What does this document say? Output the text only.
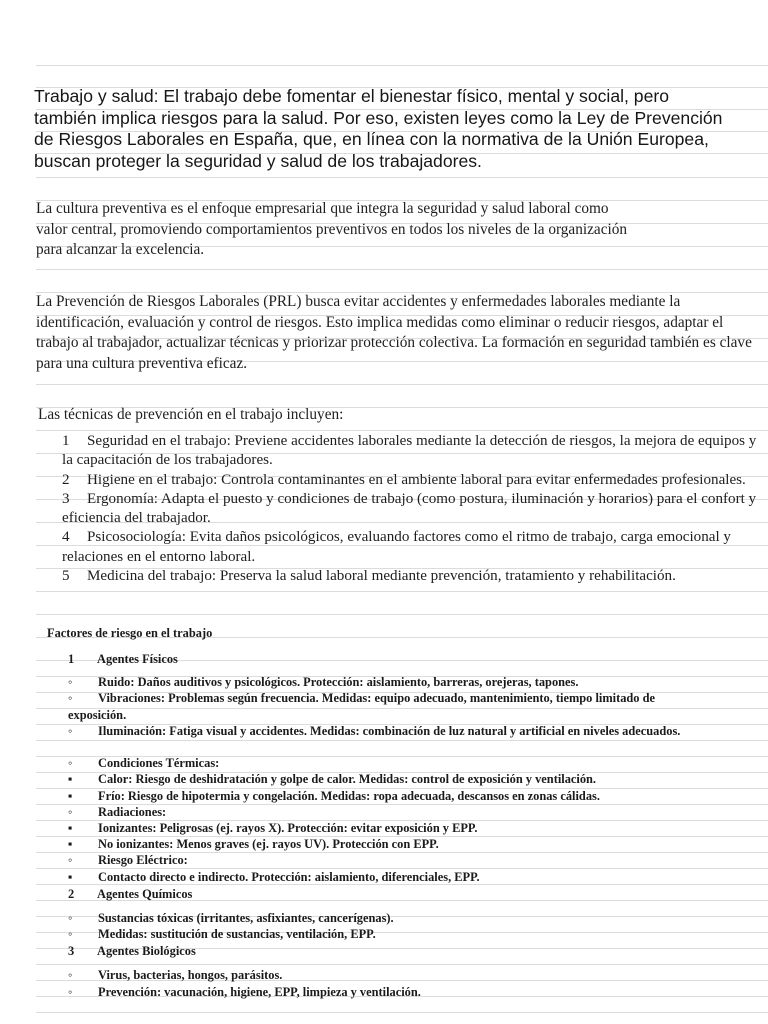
Trabajo y salud: El trabajo debe fomentar el bienestar físico, mental y social, pero también implica riesgos para la salud. Por eso, existen leyes como la Ley de Prevención de Riesgos Laborales en España, que, en línea con la normativa de la Unión Europea, buscan proteger la seguridad y salud de los trabajadores.

La cultura preventiva es el enfoque empresarial que integra la seguridad y salud laboral como valor central, promoviendo comportamientos preventivos en todos los niveles de la organización para alcanzar la excelencia.

La Prevención de Riesgos Laborales (PRL) busca evitar accidentes y enfermedades laborales mediante la identificación, evaluación y control de riesgos. Esto implica medidas como eliminar o reducir riesgos, adaptar el trabajo al trabajador, actualizar técnicas y priorizar protección colectiva. La formación en seguridad también es clave para una cultura preventiva eficaz.

Las técnicas de prevención en el trabajo incluyen:

1 Seguridad en el trabajo: Previene accidentes laborales mediante la detección de riesgos, la mejora de equipos y la capacitación de los trabajadores.
2 Higiene en el trabajo: Controla contaminantes en el ambiente laboral para evitar enfermedades profesionales.
3 Ergonomía: Adapta el puesto y condiciones de trabajo (como postura, iluminación y horarios) para el confort y eficiencia del trabajador.
4 Psicosociología: Evita daños psicológicos, evaluando factores como el ritmo de trabajo, carga emocional y relaciones en el entorno laboral.
5 Medicina del trabajo: Preserva la salud laboral mediante prevención, tratamiento y rehabilitación.
Factores de riesgo en el trabajo
1 Agentes Físicos
◦ Ruido: Daños auditivos y psicológicos. Protección: aislamiento, barreras, orejeras, tapones.
◦ Vibraciones: Problemas según frecuencia. Medidas: equipo adecuado, mantenimiento, tiempo limitado de exposición.
◦ Iluminación: Fatiga visual y accidentes. Medidas: combinación de luz natural y artificial en niveles adecuados.
◦ Condiciones Térmicas:
▪ Calor: Riesgo de deshidratación y golpe de calor. Medidas: control de exposición y ventilación.
▪ Frío: Riesgo de hipotermia y congelación. Medidas: ropa adecuada, descansos en zonas cálidas.
◦ Radiaciones:
▪ Ionizantes: Peligrosas (ej. rayos X). Protección: evitar exposición y EPP.
▪ No ionizantes: Menos graves (ej. rayos UV). Protección con EPP.
◦ Riesgo Eléctrico:
▪ Contacto directo e indirecto. Protección: aislamiento, diferenciales, EPP.
2 Agentes Químicos
◦ Sustancias tóxicas (irritantes, asfixiantes, cancerígenas).
◦ Medidas: sustitución de sustancias, ventilación, EPP.
3 Agentes Biológicos
◦ Virus, bacterias, hongos, parásitos.
◦ Prevención: vacunación, higiene, EPP, limpieza y ventilación.
